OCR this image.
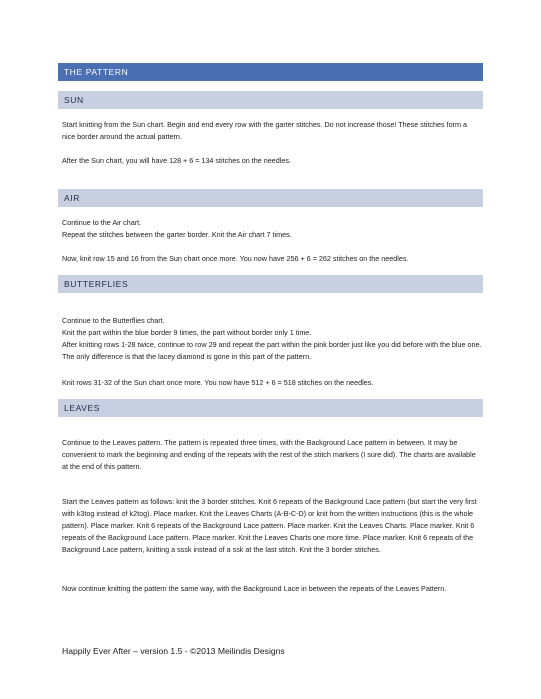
THE PATTERN
SUN

Start knitting from the Sun chart. Begin and end every row with the garter stitches. Do not increase those! These stitches form a nice border around the actual pattern.

After the Sun chart, you will have 128 + 6 = 134 stitches on the needles.

AIR

Continue to the Air chart.

Repeat the stitches between the garter border. Knit the Air chart 7 times.

Now, knit row 15 and 16 from the Sun chart once more. You now have 256 + 6 = 262 stitches on the needles.

BUTTERFLIES

Continue to the Butterflies chart.

Knit the part within the blue border 9 times, the part without border only 1 time.

After knitting rows 1-28 twice, continue to row 29 and repeat the part within the pink border just like you did before with the blue one. The only difference is that the lacey diamond is gone in this part of the pattern.

Knit rows 31-32 of the Sun chart once more. You now have 512 + 6 = 518 stitches on the needles.

LEAVES

Continue to the Leaves pattern. The pattern is repeated three times, with the Background Lace pattern in between. It may be convenient to mark the beginning and ending of the repeats with the rest of the stitch markers (I sure did). The charts are available at the end of this pattern.

Start the Leaves pattern as follows: knit the 3 border stitches. Knit 6 repeats of the Background Lace pattern (but start the very first with k3tog instead of k2tog). Place marker. Knit the Leaves Charts (A-B-C-D) or knit from the written instructions (this is the whole pattern). Place marker. Knit 6 repeats of the Background Lace pattern. Place marker. Knit the Leaves Charts. Place marker. Knit 6 repeats of the Background Lace pattern. Place marker. Knit the Leaves Charts one more time. Place marker. Knit 6 repeats of the Background Lace pattern, knitting a sssk instead of a ssk at the last stitch. Knit the 3 border stitches.

Now continue knitting the pattern the same way, with the Background Lace in between the repeats of the Leaves Pattern.

Happily Ever After – version 1.5 - ©2013 Meilindis Designs
